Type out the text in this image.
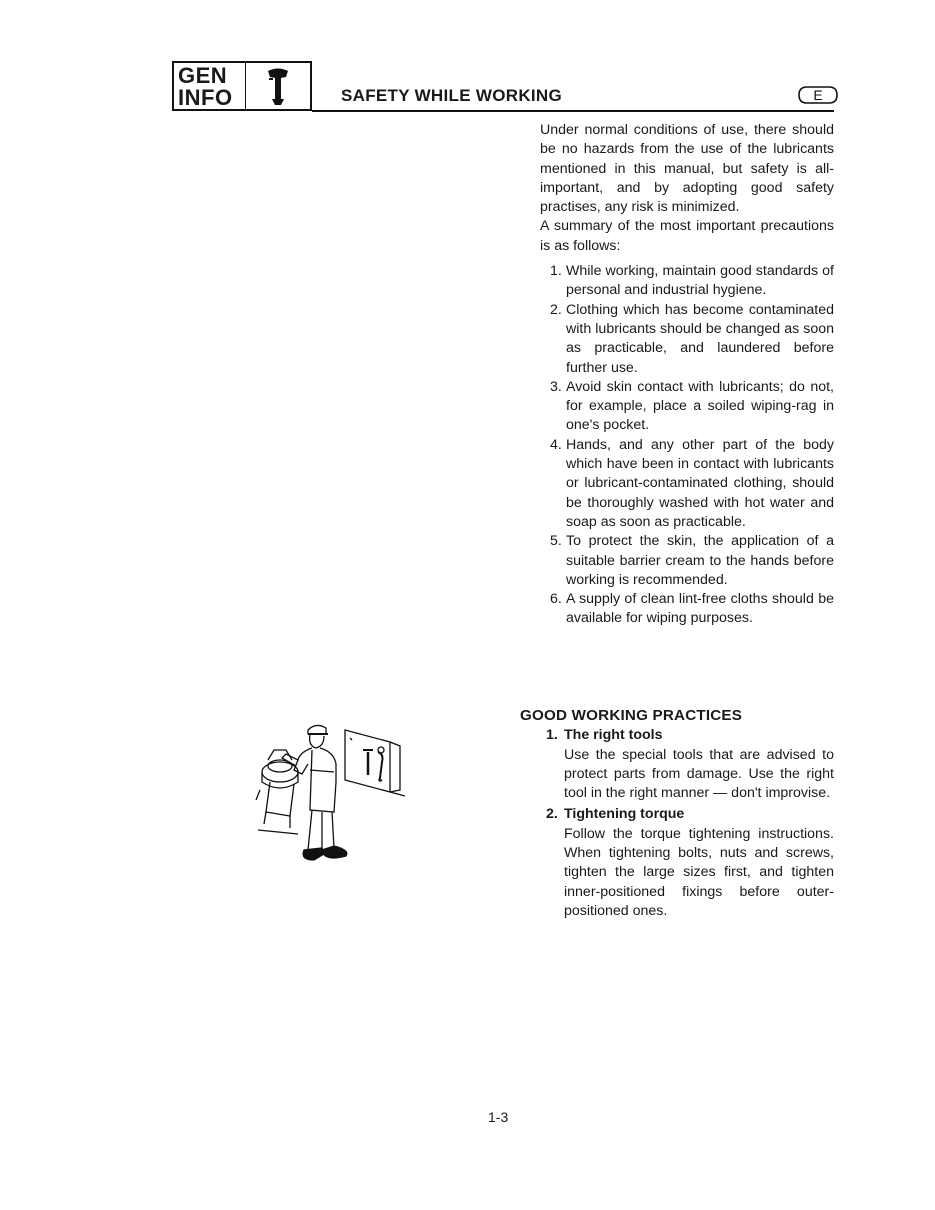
GEN
INFO	SAFETY WHILE WORKING	E

Under normal conditions of use, there should be no hazards from the use of the lubricants mentioned in this manual, but safety is all-important, and by adopting good safety practises, any risk is minimized.

A summary of the most important precautions is as follows:

1. While working, maintain good standards of personal and industrial hygiene.
2. Clothing which has become contaminated with lubricants should be changed as soon as practicable, and laundered before further use.
3. Avoid skin contact with lubricants; do not, for example, place a soiled wiping-rag in one's pocket.
4. Hands, and any other part of the body which have been in contact with lubricants or lubricant-contaminated clothing, should be thoroughly washed with hot water and soap as soon as practicable.
5. To protect the skin, the application of a suitable barrier cream to the hands before working is recommended.
6. A supply of clean lint-free cloths should be available for wiping purposes.
GOOD WORKING PRACTICES
1. The right tools
Use the special tools that are advised to protect parts from damage. Use the right tool in the right manner — don't improvise.
2. Tightening torque
Follow the torque tightening instructions. When tightening bolts, nuts and screws, tighten the large sizes first, and tighten inner-positioned fixings before outer-positioned ones.
1-3
